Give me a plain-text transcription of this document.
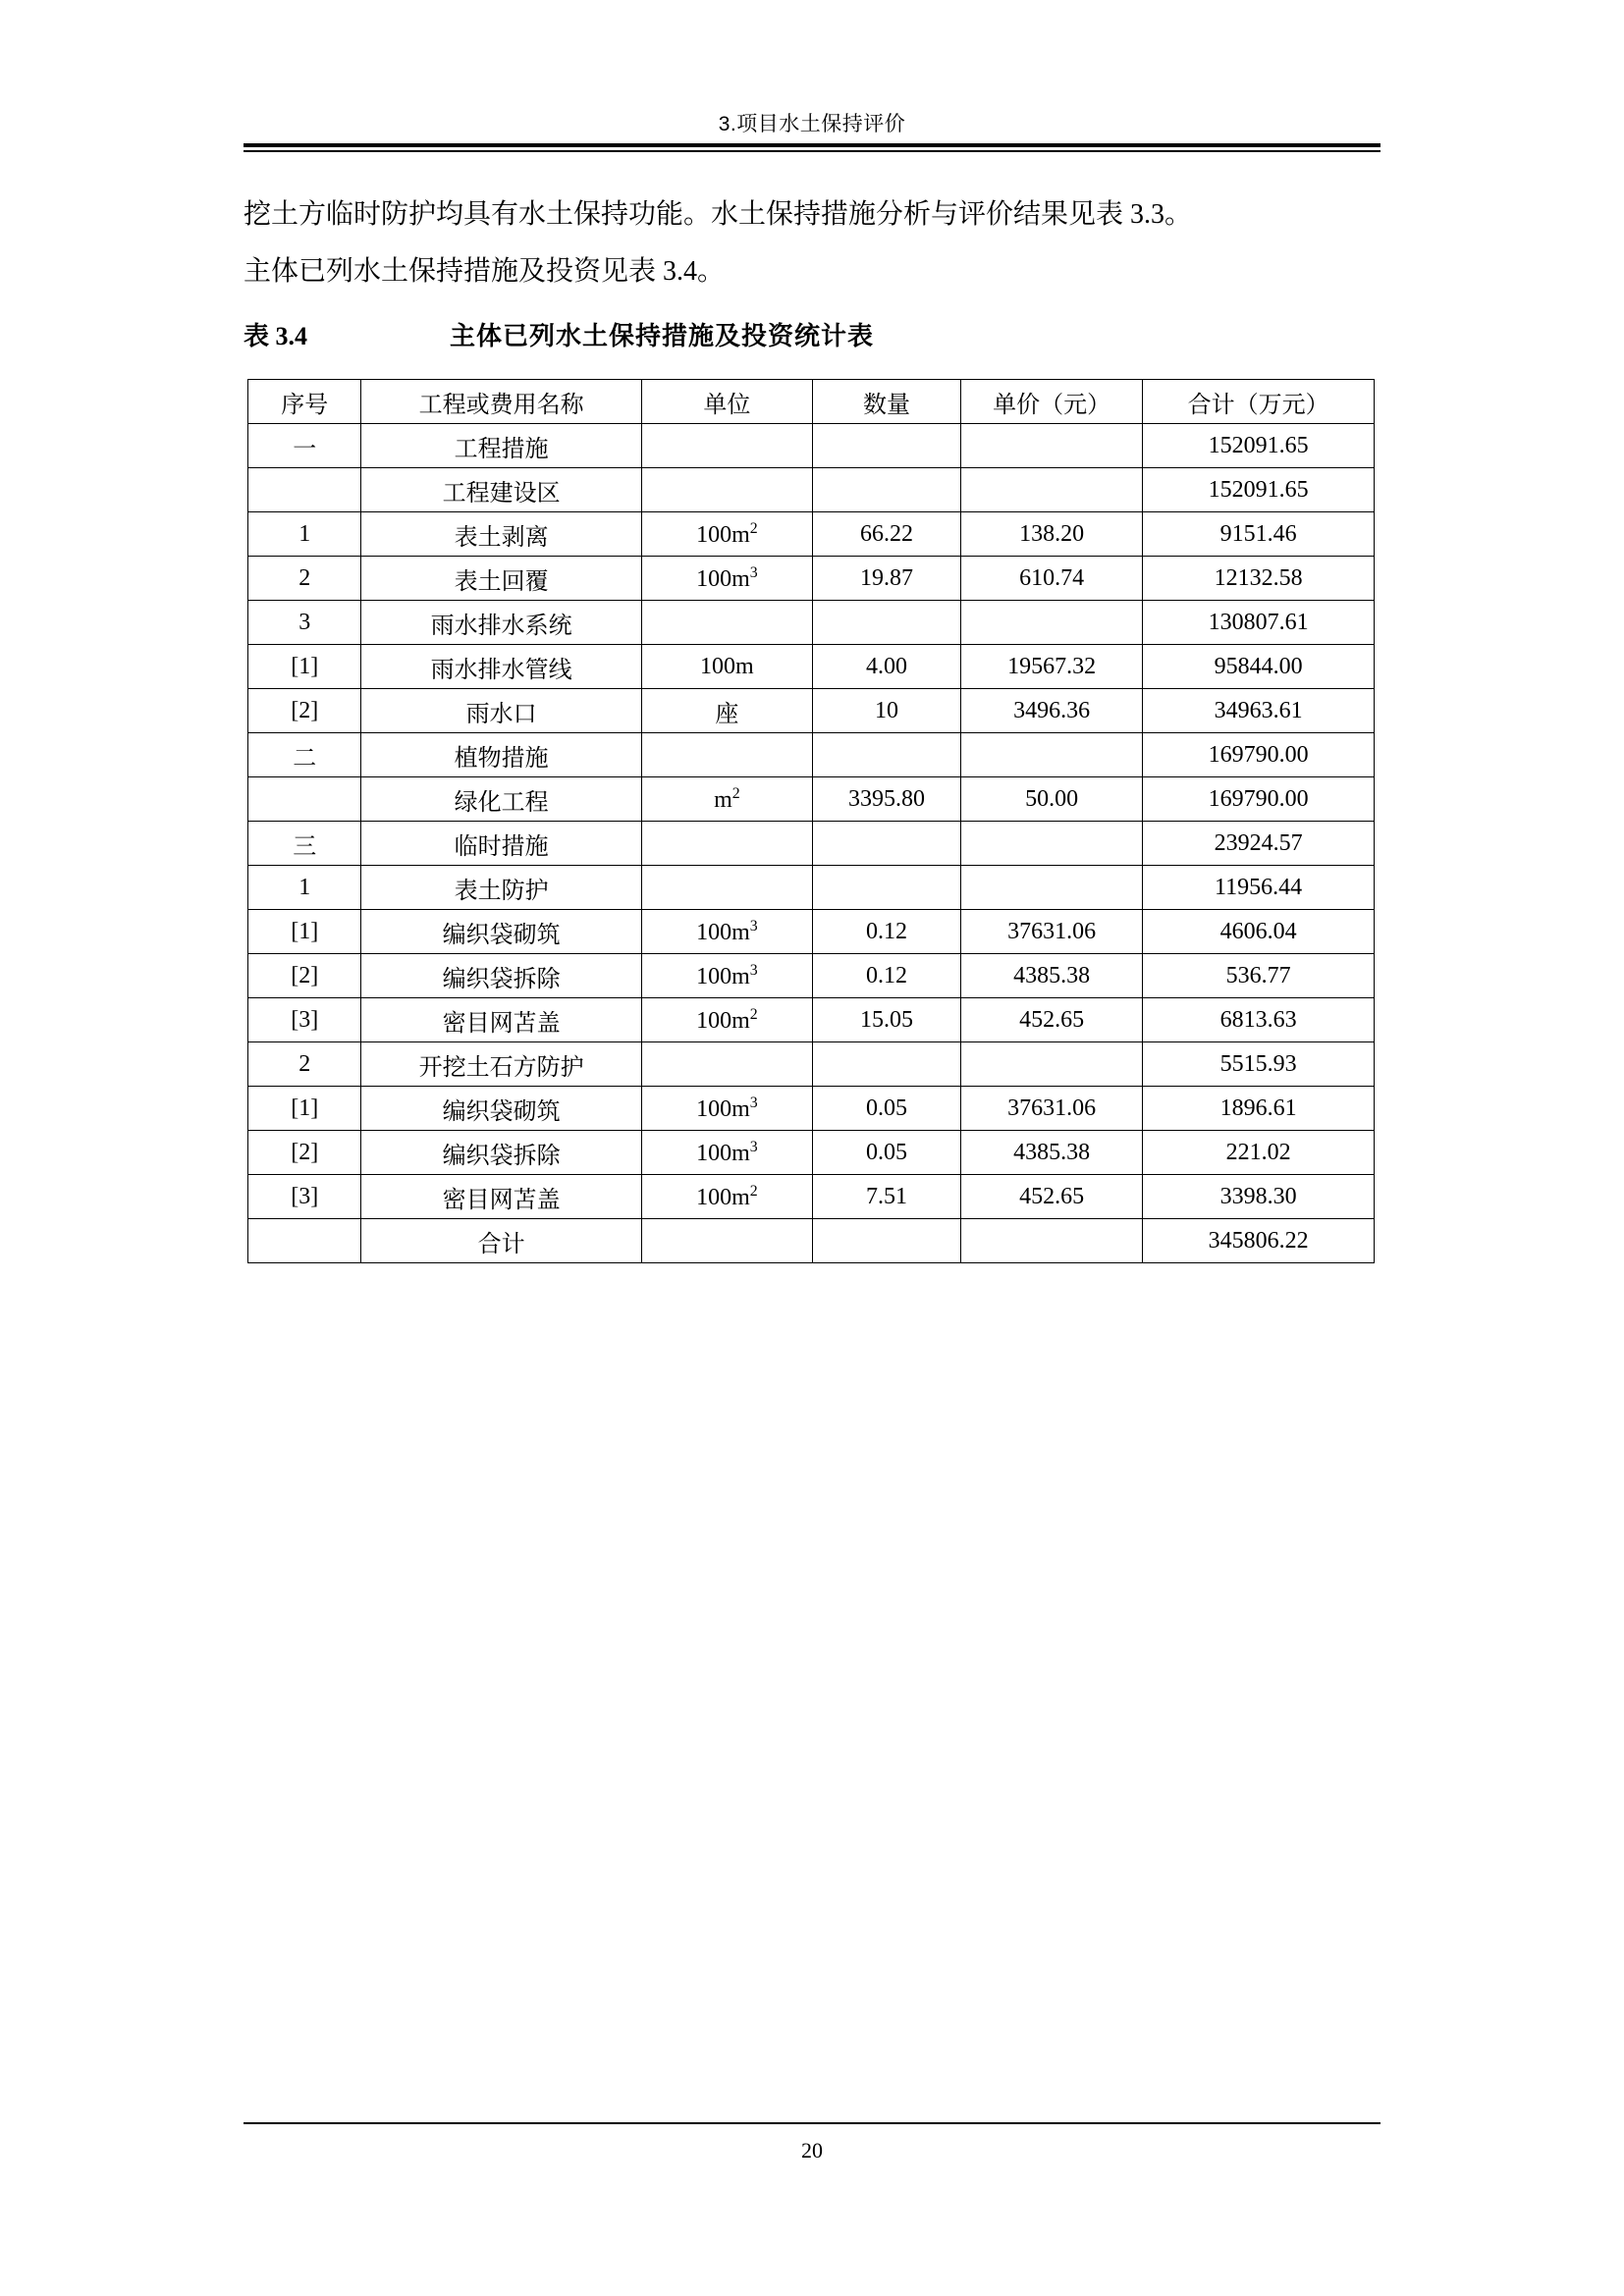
3.项目水土保持评价

挖土方临时防护均具有水土保持功能。水土保持措施分析与评价结果见表 3.3。

主体已列水土保持措施及投资见表 3.4。

表 3.4	主体已列水土保持措施及投资统计表
序号	工程或费用名称	单位	数量	单价（元）	合计（万元）
一	工程措施				152091.65
	工程建设区				152091.65
1	表土剥离	$100m^2$	66.22	138.20	9151.46
2	表土回覆	$100m^3$	19.87	610.74	12132.58
3	雨水排水系统				130807.61
[1]	雨水排水管线	100m	4.00	19567.32	95844.00
[2]	雨水口	座	10	3496.36	34963.61
二	植物措施				169790.00
	绿化工程	$m^2$	3395.80	50.00	169790.00
三	临时措施				23924.57
1	表土防护				11956.44
[1]	编织袋砌筑	$100m^3$	0.12	37631.06	4606.04
[2]	编织袋拆除	$100m^3$	0.12	4385.38	536.77
[3]	密目网苫盖	$100m^2$	15.05	452.65	6813.63
2	开挖土石方防护				5515.93
[1]	编织袋砌筑	$100m^3$	0.05	37631.06	1896.61
[2]	编织袋拆除	$100m^3$	0.05	4385.38	221.02
[3]	密目网苫盖	$100m^2$	7.51	452.65	3398.30
	合计				345806.22
20
